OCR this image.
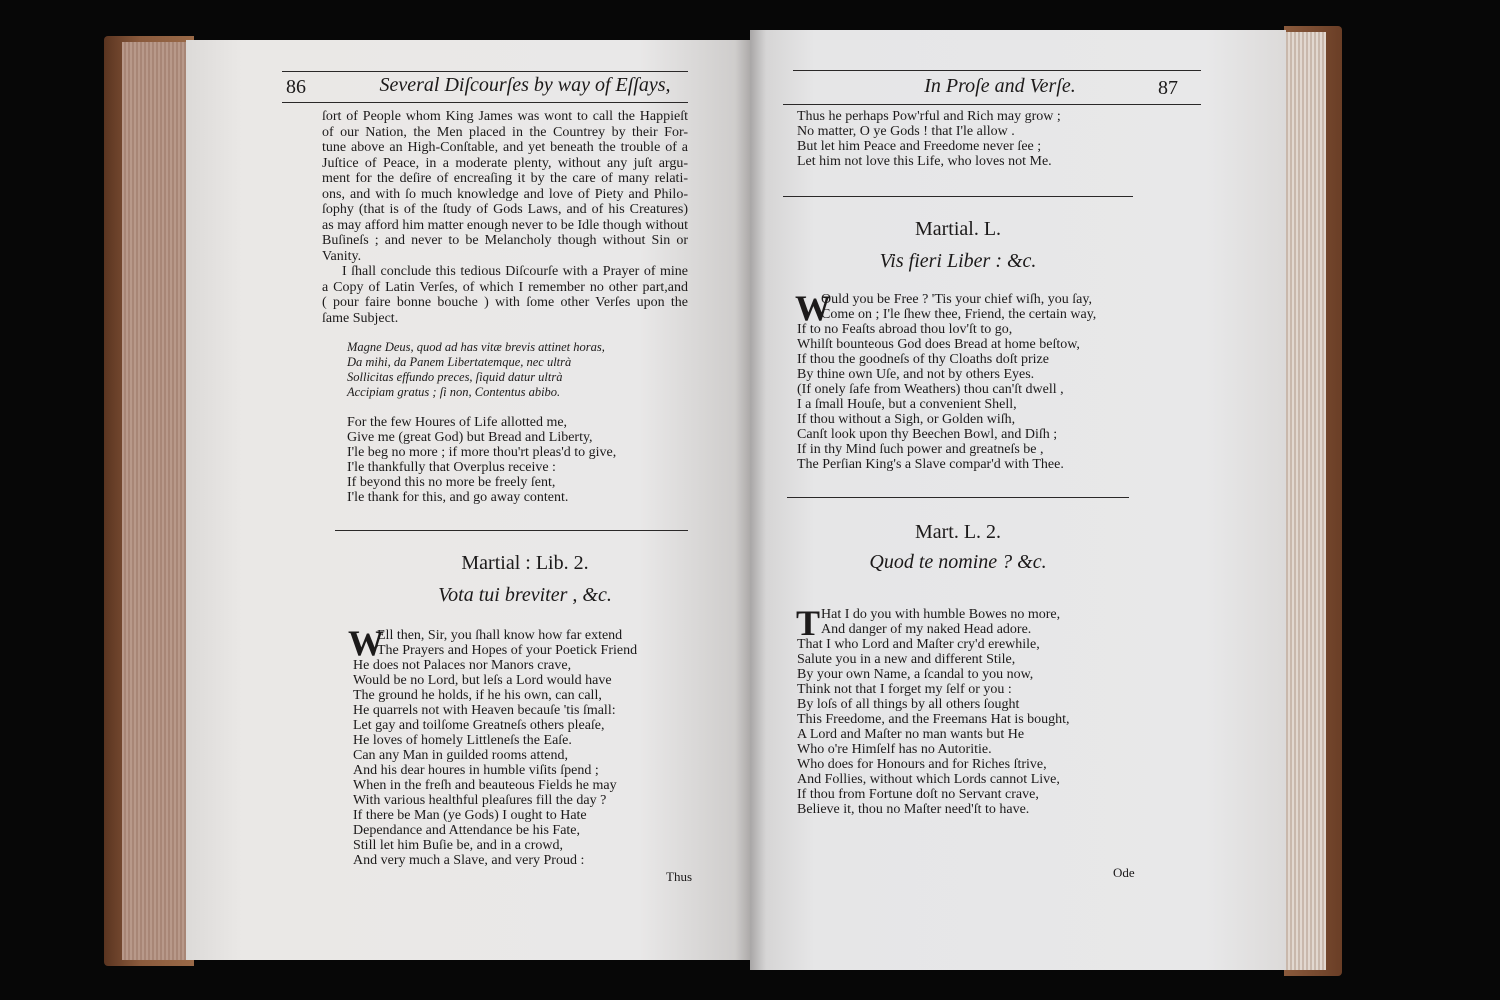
86	Several Diſcourſes by way of Eſſays,
ſort of People whom King James was wont to call the Happieſt
of our Nation, the Men placed in the Countrey by their For-
tune above an High-Conſtable, and yet beneath the trouble of a
Juſtice of Peace, in a moderate plenty, without any juſt argu-
ment for the deſire of encreaſing it by the care of many relati-
ons, and with ſo much knowledge and love of Piety and Philo-
ſophy (that is of the ſtudy of Gods Laws, and of his Creatures)
as may afford him matter enough never to be Idle though without
Buſineſs ; and never to be Melancholy though without Sin or
Vanity.
I ſhall conclude this tedious Diſcourſe with a Prayer of mine
a Copy of Latin Verſes, of which I remember no other part,and
( pour faire bonne bouche ) with ſome other Verſes upon the
ſame Subject.
Magne Deus, quod ad has vitæ brevis attinet horas,
Da mihi, da Panem Libertatemque, nec ultrà
Sollicitas effundo preces, ſiquid datur ultrà
Accipiam gratus ; ſi non, Contentus abibo.
For the few Houres of Life allotted me,
Give me (great God) but Bread and Liberty,
I'le beg no more ; if more thou'rt pleas'd to give,
I'le thankfully that Overplus receive :
If beyond this no more be freely ſent,
I'le thank for this, and go away content.
Martial : Lib. 2.
Vota tui breviter , &c.
W
Ell then, Sir, you ſhall know how far extend
The Prayers and Hopes of your Poetick Friend
He does not Palaces nor Manors crave,
Would be no Lord, but leſs a Lord would have
The ground he holds, if he his own, can call,
He quarrels not with Heaven becauſe 'tis ſmall:
Let gay and toilſome Greatneſs others pleaſe,
He loves of homely Littleneſs the Eaſe.
Can any Man in guilded rooms attend,
And his dear houres in humble viſits ſpend ;
When in the freſh and beauteous Fields he may
With various healthful pleaſures fill the day ?
If there be Man (ye Gods) I ought to Hate
Dependance and Attendance be his Fate,
Still let him Buſie be, and in a crowd,
And very much a Slave, and very Proud :
Thus
In Proſe and Verſe.	87
Thus he perhaps Pow'rful and Rich may grow ;
No matter, O ye Gods ! that I'le allow .
But let him Peace and Freedome never ſee ;
Let him not love this Life, who loves not Me.
Martial. L.
Vis fieri Liber : &c.
W
Ould you be Free ? 'Tis your chief wiſh, you ſay,
Come on ; I'le ſhew thee, Friend, the certain way,
If to no Feaſts abroad thou lov'ſt to go,
Whilſt bounteous God does Bread at home beſtow,
If thou the goodneſs of thy Cloaths doſt prize
By thine own Uſe, and not by others Eyes.
(If onely ſafe from Weathers) thou can'ſt dwell ,
I a ſmall Houſe, but a convenient Shell,
If thou without a Sigh, or Golden wiſh,
Canſt look upon thy Beechen Bowl, and Diſh ;
If in thy Mind ſuch power and greatneſs be ,
The Perſian King's a Slave compar'd with Thee.
Mart. L. 2.
Quod te nomine ? &c.
T Hat I do you with humble Bowes no more,
And danger of my naked Head adore.
That I who Lord and Maſter cry'd erewhile,
Salute you in a new and different Stile,
By your own Name, a ſcandal to you now,
Think not that I forget my ſelf or you :
By loſs of all things by all others ſought
This Freedome, and the Freemans Hat is bought,
A Lord and Maſter no man wants but He
Who o're Himſelf has no Autoritie.
Who does for Honours and for Riches ſtrive,
And Follies, without which Lords cannot Live,
If thou from Fortune doſt no Servant crave,
Believe it, thou no Maſter need'ſt to have.
Ode
